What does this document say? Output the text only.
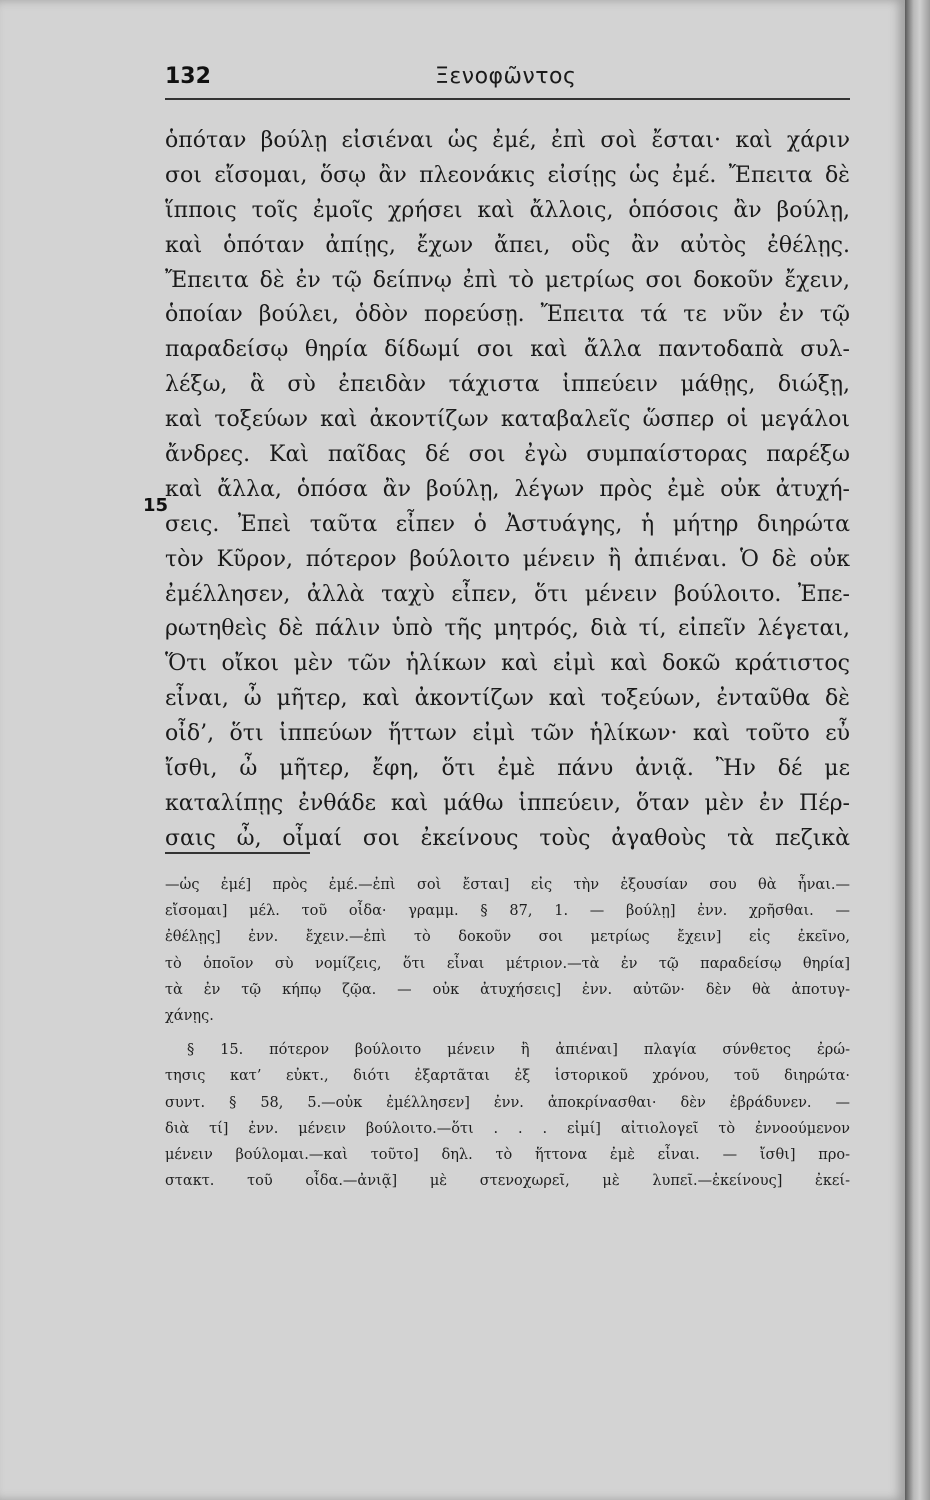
132	Ξενοφῶντος
15
ὁπόταν βούλῃ εἰσιέναι ὡς ἐμέ, ἐπὶ σοὶ ἔσται· καὶ χάριν
σοι εἴσομαι, ὅσῳ ἂν πλεονάκις εἰσίῃς ὡς ἐμέ. Ἔπειτα δὲ
ἵπποις τοῖς ἐμοῖς χρήσει καὶ ἄλλοις, ὁπόσοις ἂν βούλῃ,
καὶ ὁπόταν ἀπίῃς, ἔχων ἄπει, οὓς ἂν αὐτὸς ἐθέλῃς.
Ἔπειτα δὲ ἐν τῷ δείπνῳ ἐπὶ τὸ μετρίως σοι δοκοῦν ἔχειν,
ὁποίαν βούλει, ὁδὸν πορεύσῃ. Ἔπειτα τά τε νῦν ἐν τῷ
παραδείσῳ θηρία δίδωμί σοι καὶ ἄλλα παντοδαπὰ συλ-
λέξω, ἃ σὺ ἐπειδὰν τάχιστα ἱππεύειν μάθῃς, διώξῃ,
καὶ τοξεύων καὶ ἀκοντίζων καταβαλεῖς ὥσπερ οἱ μεγάλοι
ἄνδρες. Καὶ παῖδας δέ σοι ἐγὼ συμπαίστορας παρέξω
καὶ ἄλλα, ὁπόσα ἂν βούλῃ, λέγων πρὸς ἐμὲ οὐκ ἀτυχή-
σεις. Ἐπεὶ ταῦτα εἶπεν ὁ Ἀστυάγης, ἡ μήτηρ διηρώτα
τὸν Κῦρον, πότερον βούλοιτο μένειν ἢ ἀπιέναι. Ὁ δὲ οὐκ
ἐμέλλησεν, ἀλλὰ ταχὺ εἶπεν, ὅτι μένειν βούλοιτο. Ἐπε-
ρωτηθεὶς δὲ πάλιν ὑπὸ τῆς μητρός, διὰ τί, εἰπεῖν λέγεται,
Ὅτι οἴκοι μὲν τῶν ἡλίκων καὶ εἰμὶ καὶ δοκῶ κράτιστος
εἶναι, ὦ μῆτερ, καὶ ἀκοντίζων καὶ τοξεύων, ἐνταῦθα δὲ
οἶδ’, ὅτι ἱππεύων ἥττων εἰμὶ τῶν ἡλίκων· καὶ τοῦτο εὖ
ἴσθι, ὦ μῆτερ, ἔφη, ὅτι ἐμὲ πάνυ ἀνιᾷ. Ἢν δέ με
καταλίπῃς ἐνθάδε καὶ μάθω ἱππεύειν, ὅταν μὲν ἐν Πέρ-
σαις ὦ, οἶμαί σοι ἐκείνους τοὺς ἀγαθοὺς τὰ πεζικὰ
—ὡς ἐμέ] πρὸς ἐμέ.—ἐπὶ σοὶ ἔσται] εἰς τὴν ἐξουσίαν σου θὰ ἦναι.—
εἴσομαι] μέλ. τοῦ οἶδα· γραμμ. § 87, 1. — βούλῃ] ἐνν. χρῆσθαι. —
ἐθέλῃς] ἐνν. ἔχειν.—ἐπὶ τὸ δοκοῦν σοι μετρίως ἔχειν] εἰς ἐκεῖνο,
τὸ ὁποῖον σὺ νομίζεις, ὅτι εἶναι μέτριον.—τὰ ἐν τῷ παραδείσῳ θηρία]
τὰ ἐν τῷ κήπῳ ζῷα. — οὐκ ἀτυχήσεις] ἐνν. αὐτῶν· δὲν θὰ ἀποτυγ-
χάνῃς.
§ 15. πότερον βούλοιτο μένειν ἢ ἀπιέναι] πλαγία σύνθετος ἐρώ-
τησις κατ’ εὐκτ., διότι ἐξαρτᾶται ἐξ ἱστορικοῦ χρόνου, τοῦ διηρώτα·
συντ. § 58, 5.—οὐκ ἐμέλλησεν] ἐνν. ἀποκρίνασθαι· δὲν ἐβράδυνεν. —
διὰ τί] ἐνν. μένειν βούλοιτο.—ὅτι . . . εἰμί] αἰτιολογεῖ τὸ ἐννοούμενον
μένειν βούλομαι.—καὶ τοῦτο] δηλ. τὸ ἥττονα ἐμὲ εἶναι. — ἴσθι] προ-
στακτ. τοῦ οἶδα.—ἀνιᾷ] μὲ στενοχωρεῖ, μὲ λυπεῖ.—ἐκείνους] ἐκεί-
